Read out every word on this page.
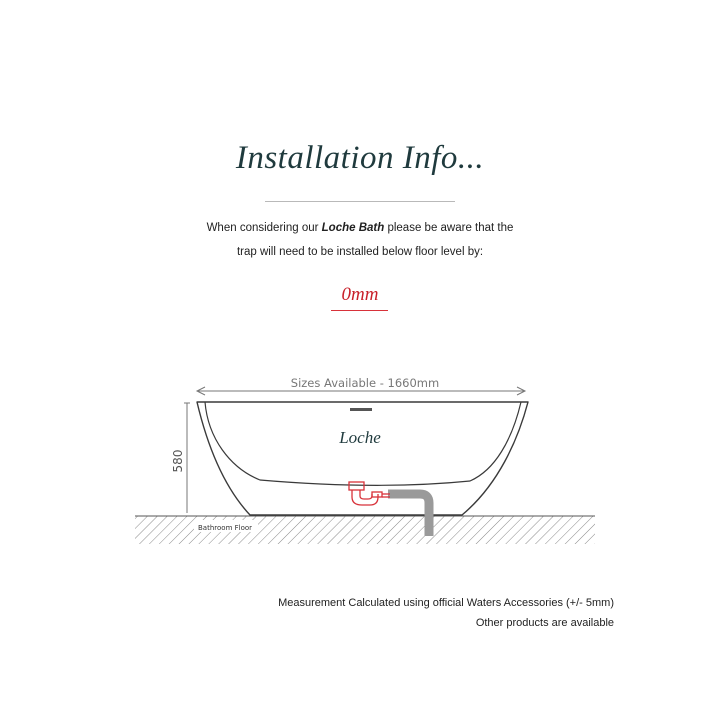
Installation Info...
When considering our Loche Bath please be aware that the
trap will need to be installed below floor level by:
0mm
Sizes Available - 1660mm
580
Bathroom Floor
Loche
Measurement Calculated using official Waters Accessories (+/- 5mm)
Other products are available
